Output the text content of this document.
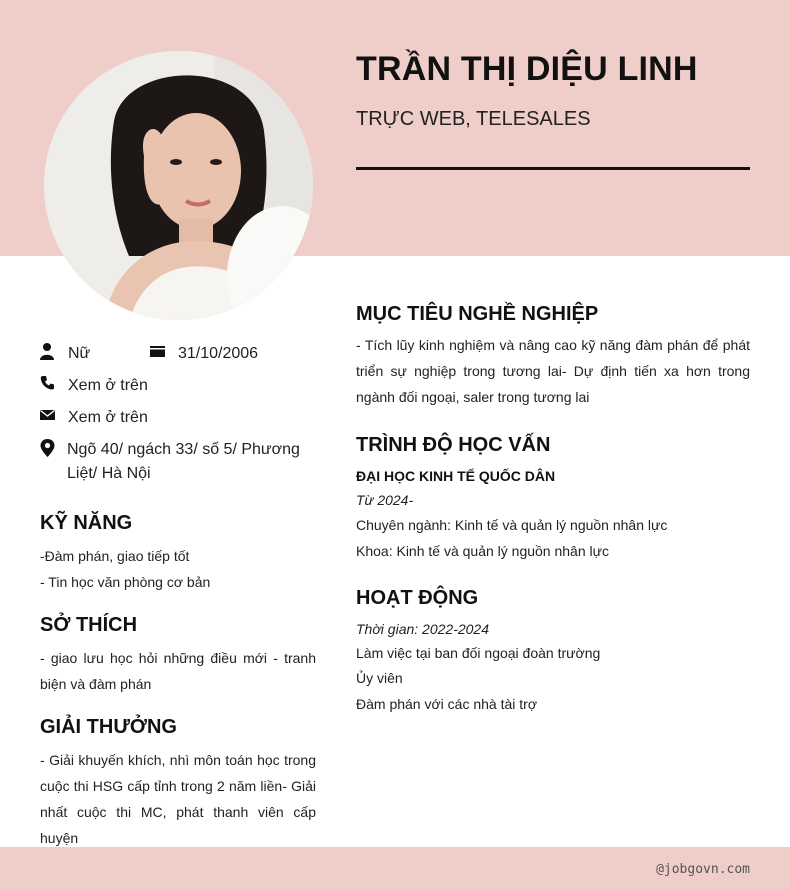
TRẦN THỊ DIỆU LINH
TRỰC WEB, TELESALES
Nữ	31/10/2006
Xem ở trên
Xem ở trên
Ngõ 40/ ngách 33/ số 5/ Phương Liệt/ Hà Nội
KỸ NĂNG
-Đàm phán, giao tiếp tốt
- Tin học văn phòng cơ bản
SỞ THÍCH
- giao lưu học hỏi những điều mới - tranh biện và đàm phán
GIẢI THƯỞNG
- Giải khuyến khích, nhì môn toán học trong cuộc thi HSG cấp tỉnh trong 2 năm liền- Giải nhất cuộc thi MC, phát thanh viên cấp huyện
MỤC TIÊU NGHỀ NGHIỆP
- Tích lũy kinh nghiệm và nâng cao kỹ năng đàm phán để phát triển sự nghiệp trong tương lai- Dự định tiến xa hơn trong ngành đối ngoại, saler trong tương lai
TRÌNH ĐỘ HỌC VẤN
ĐẠI HỌC KINH TẾ QUỐC DÂN
Từ 2024-
Chuyên ngành: Kinh tế và quản lý nguồn nhân lực
Khoa: Kinh tế và quản lý nguồn nhân lực
HOẠT ĐỘNG
Thời gian: 2022-2024
Làm việc tại ban đối ngoại đoàn trường
Ủy viên
Đàm phán với các nhà tài trợ
@jobgovn.com
